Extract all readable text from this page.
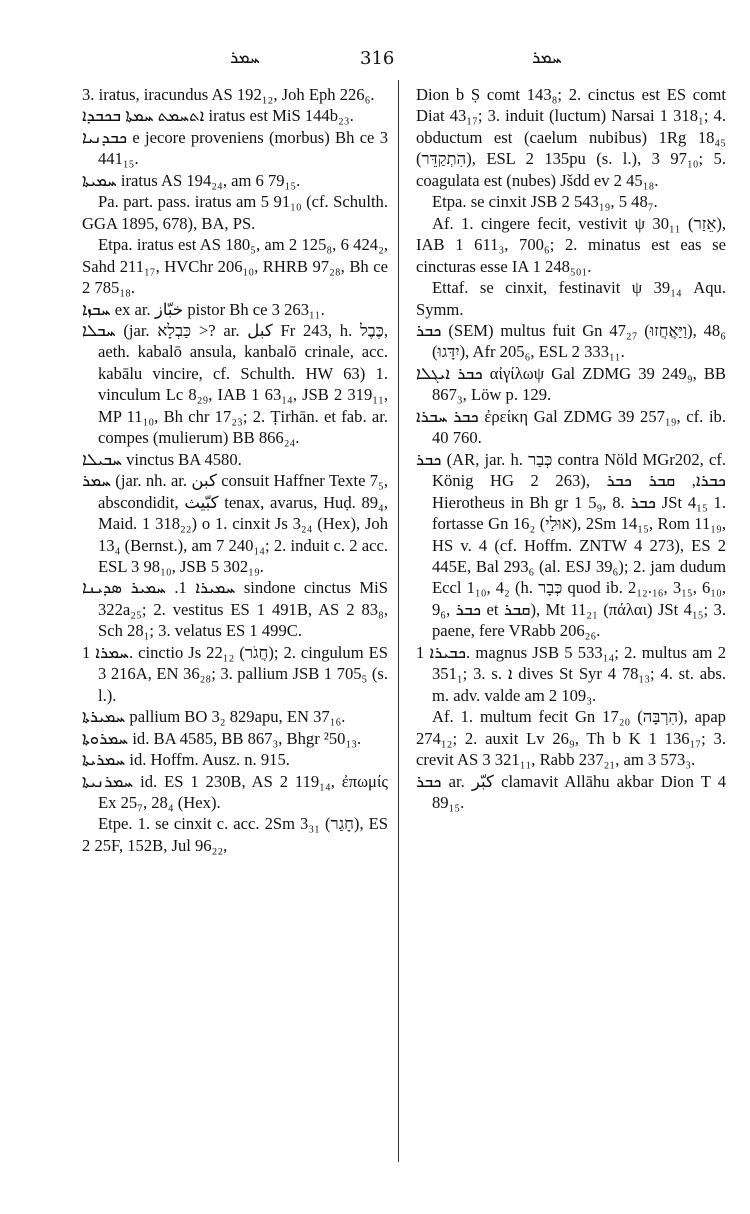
ܚܡܪ	316	ܚܡܪ

3. iratus, iracundus AS 192₁₂, Joh Eph 226₆.

ܐܬܚܡܬ ܚܡܬܐ ܒܟܒܕܐ iratus est MiS 144b₂₃.

ܟܒܕܢܝܐ e jecore proveniens (morbus) Bh ce 3 441₁₅.

ܚܡܝܬܐ iratus AS 194₂₄, am 6 79₁₅.

Pa. part. pass. iratus am 5 91₁₀ (cf. Schulth. GGA 1895, 678), BA, PS.

Etpa. iratus est AS 180₅, am 2 125₈, 6 424₂, Sahd 211₁₇, HVChr 206₁₀, RHRB 97₂₈, Bh ce 2 785₁₈.

ܚܒܙܐ ex ar. خبّاز pistor Bh ce 3 263₁₁.

ܚܒܠܐ (jar. כַּבְלָא >? ar. كبل Fr 243, h. כֶּבֶל, aeth. kabalō ansula, kanbalō crinale, acc. kabālu vincire, cf. Schulth. HW 63) 1. vinculum Lc 8₂₉, IAB 1 63₁₄, JSB 2 319₁₁, MP 11₁₀, Bh chr 17₂₃; 2. Ṭirhān. et fab. ar. compes (mulierum) BB 866₂₄.

ܚܒܝܠܐ vinctus BA 4580.

ܚܡܪ (jar. nh. ar. كبن consuit Haffner Texte 7₅, abscondidit, كبّيث tenax, avarus, Huḍ. 89₄, Maid. 1 318₂₂) o 1. cinxit Js 3₂₄ (Hex), Joh 13₄ (Bernst.), am 7 240₁₄; 2. induit c. 2 acc. ESL 3 98₁₀, JSB 5 302₁₉.

ܚܡܝܪܐ 1. ܚܡܝܪ ܣܕܝܢܐ sindone cinctus MiS 322a₂₅; 2. vestitus ES 1 491B, AS 2 83₈, Sch 28₁; 3. velatus ES 1 499C.

ܚܡܪܐ 1. cinctio Js 22₁₂ (חֲגֹר); 2. cingulum ES 3 216A, EN 36₂₈; 3. pallium JSB 1 705₅ (s. l.).

ܚܡܝܪܬܐ pallium BO 3₂ 829apu, EN 37₁₆.

ܚܡܪܘܬܐ id. BA 4585, BB 867₃, Bhgr ²50₁₃.

ܚܡܪܝܬܐ id. Hoffm. Ausz. n. 915.

ܚܡܪܢܝܬܐ id. ES 1 230B, AS 2 119₁₄, ἐπωμίς Ex 25₇, 28₄ (Hex).

Etpe. 1. se cinxit c. acc. 2Sm 3₃₁ (חָגַר), ES 2 25F, 152B, Jul 96₂₂,

Dion b Ṣ comt 143₈; 2. cinctus est ES comt Diat 43₁₇; 3. induit (luctum) Narsai 1 318₁; 4. obductum est (caelum nubibus) 1Rg 18₄₅ (הִתְקַדֵּר), ESL 2 135pu (s. l.), 3 97₁₀; 5. coagulata est (nubes) Jšdd ev 2 45₁₈.

Etpa. se cinxit JSB 2 543₁₉, 5 48₇.

Af. 1. cingere fecit, vestivit ψ 30₁₁ (אֵזַר), IAB 1 611₃, 700₆; 2. minatus est eas se cincturas esse IA 1 248₅₀₁.

Ettaf. se cinxit, festinavit ψ 39₁₄ Aqu. Symm.

ܟܒܪ (SEM) multus fuit Gn 47₂₇ (וַיַּאֲחֲזוּ), 48₆ (יִדָּגוּ), Afr 205₆, ESL 2 333₁₁.

ܟܒܪ ܐܝܓܠܐ αἰγίλωψ Gal ZDMG 39 249₉, BB 867₃, Löw p. 129.

ܟܒܪ ܚܒܪܐ ἐρείκη Gal ZDMG 39 257₁₉, cf. ib. 40 760.

ܟܒܪ (AR, jar. h. כְּבַר contra Nöld MGr202, cf. König HG 2 263), ܟܒܪܐ, ܩܒܪ ܟܒܪ Hierotheus in Bh gr 1 5₉, 8. ܟܒܪ JSt 4₁₅ 1. fortasse Gn 16₂ (אוּלַי), 2Sm 14₁₅, Rom 11₁₉, HS v. 4 (cf. Hoffm. ZNTW 4 273), ES 2 445E, Bal 293₆ (al. ESJ 39₆); 2. jam dudum Eccl 1₁₀, 4₂ (h. כְּבָר quod ib. 2₁₂.₁₆, 3₁₅, 6₁₀, 9₆, ܟܒܪ et ܩܒܪ), Mt 11₂₁ (πάλαι) JSt 4₁₅; 3. paene, fere VRabb 206₂₆.

ܟܒܝܪܐ 1. magnus JSB 5 533₁₄; 2. multus am 2 351₁; 3. s. ܐ dives St Syr 4 78₁₃; 4. st. abs. m. adv. valde am 2 109₃.

Af. 1. multum fecit Gn 17₂₀ (הִרְבָּה), apap 274₁₂; 2. auxit Lv 26₉, Th b K 1 136₁₇; 3. crevit AS 3 321₁₁, Rabb 237₂₁, am 3 573₃.

ܟܒܪ ar. كبّر clamavit Allāhu akbar Dion T 4 89₁₅.
